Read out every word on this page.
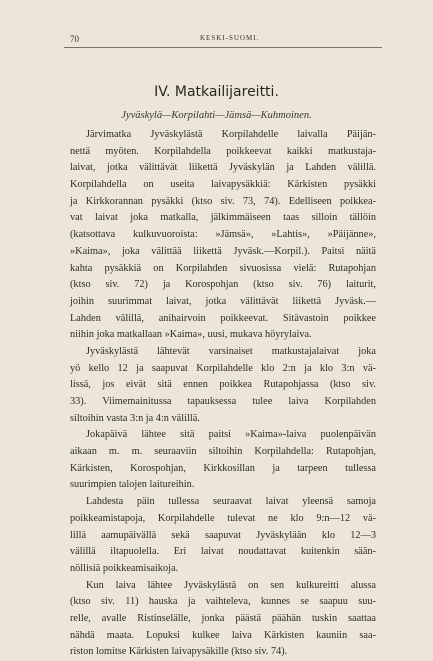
70	KESKI-SUOMI.
IV. Matkailijareitti.
Jyväskylä—Korpilahti—Jämsä—Kuhmoinen.
Järvimatka Jyväskylästä Korpilahdelle laivalla Päijän-
nettä myöten. Korpilahdella poikkeevat kaikki matkustaja-
laivat, jotka välittävät liikettä Jyväskylän ja Lahden välillä.
Korpilahdella on useita laivapysäkkiä: Kärkisten pysäkki
ja Kirkkorannan pysäkki (ktso siv. 73, 74). Edelliseen poikkea-
vat laivat joka matkalla, jälkimmäiseen taas silloin tällöin
(katsottava kulkuvuoroista: »Jämsä», »Lahtis», »Päijänne»,
»Kaima», joka välittää liikettä Jyväsk.—Korpil.). Paitsi näitä
kahta pysäkkiä on Korpilahden sivuosissa vielä: Rutapohjan
(ktso siv. 72) ja Korospohjan (ktso siv. 76) laiturit,
joihin suurimmat laivat, jotka välittävät liikettä Jyväsk.—
Lahden välillä, anihairvoin poikkeevat. Sitävastoin poikkee
niihin joka matkallaan »Kaima», uusi, mukava höyrylaiva.
Jyväskylästä lähtevät varsinaiset matkustajalaivat joka
yö kello 12 ja saapuvat Korpilahdelle klo 2:n ja klo 3:n vä-
lissä, jos eivät sitä ennen poikkea Rutapohjassa (ktso siv.
33). Viimemainitussa tapauksessa tulee laiva Korpilahden
siltoihin vasta 3:n ja 4:n välillä.
Jokapäivä lähtee sitä paitsi »Kaima»-laiva puolenpäivän
aikaan m. m. seuraaviin siltoihin Korpilahdella: Rutapohjan,
Kärkisten, Korospohjan, Kirkkosillan ja tarpeen tullessa
suurimpien talojen laitureihin.
Lahdesta päin tullessa seuraavat laivat yleensä samoja
poikkeamistapoja, Korpilahdelle tulevat ne klo 9:n—12 vä-
lillä aamupäivällä sekä saapuvat Jyväskylään klo 12—3
välillä iltapuolella. Eri laivat noudattavat kuitenkin sään-
nöllisiä poikkeamisaikoja.
Kun laiva lähtee Jyväskylästä on sen kulkureitti alussa
(ktso siv. 11) hauska ja vaihteleva, kunnes se saapuu suu-
relle, avalle Ristinselälle, jonka päästä päähän tuskin saattaa
nähdä maata. Lopuksi kulkee laiva Kärkisten kauniin saa-
riston lomitse Kärkisten laivapysäkille (ktso siv. 74).
